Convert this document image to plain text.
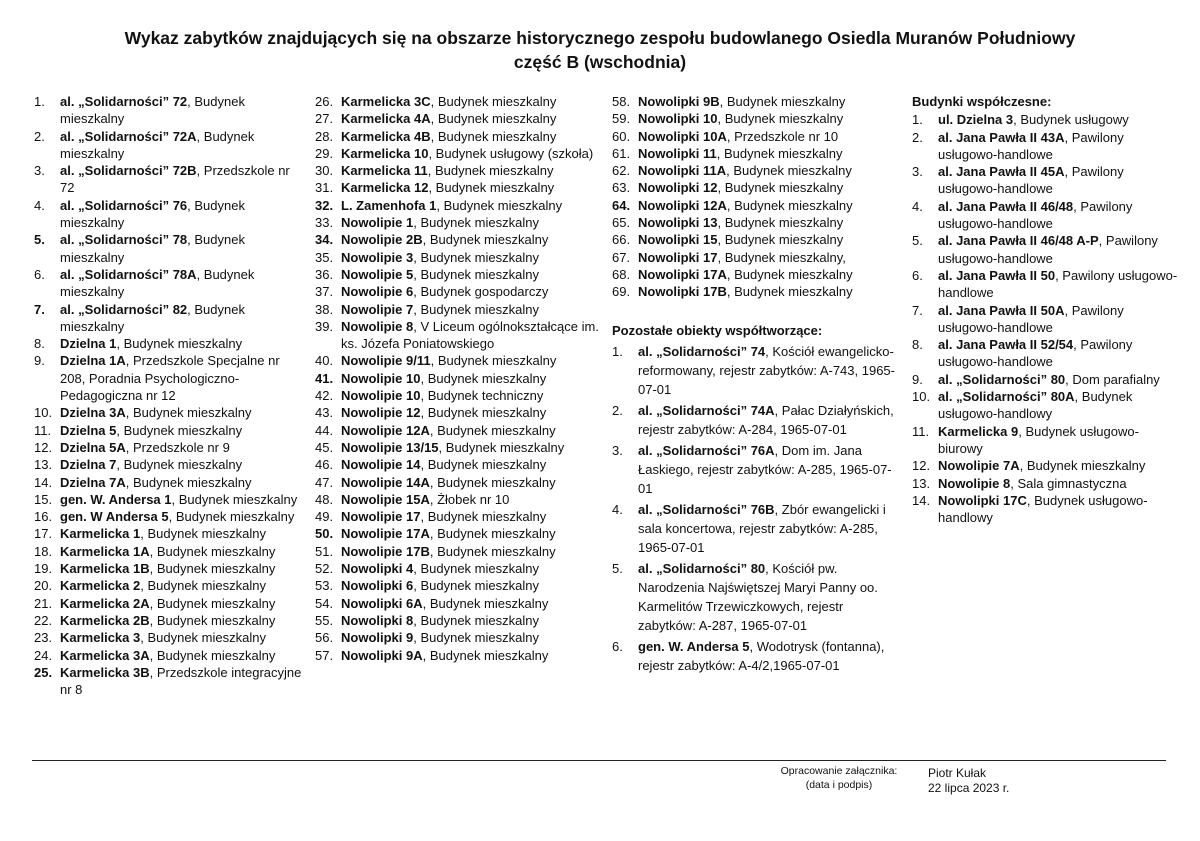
Wykaz zabytków znajdujących się na obszarze historycznego zespołu budowlanego Osiedla Muranów Południowy
część B (wschodnia)
1.	al. „Solidarności” 72, Budynek mieszkalny
2.	al. „Solidarności” 72A, Budynek mieszkalny
3.	al. „Solidarności” 72B, Przedszkole nr 72
4.	al. „Solidarności” 76, Budynek mieszkalny
5.	al. „Solidarności” 78, Budynek mieszkalny
6.	al. „Solidarności” 78A, Budynek mieszkalny
7.	al. „Solidarności” 82, Budynek mieszkalny
8.	Dzielna 1, Budynek mieszkalny
9.	Dzielna 1A, Przedszkole Specjalne nr 208, Poradnia Psychologiczno-Pedagogiczna nr 12
10. Dzielna 3A, Budynek mieszkalny
11. Dzielna 5, Budynek mieszkalny
12. Dzielna 5A, Przedszkole nr 9
13. Dzielna 7, Budynek mieszkalny
14. Dzielna 7A, Budynek mieszkalny
15. gen. W. Andersa 1, Budynek mieszkalny
16. gen. W Andersa 5, Budynek mieszkalny
17. Karmelicka 1, Budynek mieszkalny
18. Karmelicka 1A, Budynek mieszkalny
19. Karmelicka 1B, Budynek mieszkalny
20. Karmelicka 2, Budynek mieszkalny
21. Karmelicka 2A, Budynek mieszkalny
22. Karmelicka 2B, Budynek mieszkalny
23. Karmelicka 3, Budynek mieszkalny
24. Karmelicka 3A, Budynek mieszkalny
25. Karmelicka 3B, Przedszkole integracyjne nr 8
26. Karmelicka 3C, Budynek mieszkalny
27. Karmelicka 4A, Budynek mieszkalny
28. Karmelicka 4B, Budynek mieszkalny
29. Karmelicka 10, Budynek usługowy (szkoła)
30. Karmelicka 11, Budynek mieszkalny
31. Karmelicka 12, Budynek mieszkalny
32. L. Zamenhofa 1, Budynek mieszkalny
33. Nowolipie 1, Budynek mieszkalny
34. Nowolipie 2B, Budynek mieszkalny
35. Nowolipie 3, Budynek mieszkalny
36. Nowolipie 5, Budynek mieszkalny
37. Nowolipie 6, Budynek gospodarczy
38. Nowolipie 7, Budynek mieszkalny
39. Nowolipie 8, V Liceum ogólnokształcące im. ks. Józefa Poniatowskiego
40. Nowolipie 9/11, Budynek mieszkalny
41. Nowolipie 10, Budynek mieszkalny
42. Nowolipie 10, Budynek techniczny
43. Nowolipie 12, Budynek mieszkalny
44. Nowolipie 12A, Budynek mieszkalny
45. Nowolipie 13/15, Budynek mieszkalny
46. Nowolipie 14, Budynek mieszkalny
47. Nowolipie 14A, Budynek mieszkalny
48. Nowolipie 15A, Żłobek nr 10
49. Nowolipie 17, Budynek mieszkalny
50. Nowolipie 17A, Budynek mieszkalny
51. Nowolipie 17B, Budynek mieszkalny
52. Nowolipki 4, Budynek mieszkalny
53. Nowolipki 6, Budynek mieszkalny
54. Nowolipki 6A, Budynek mieszkalny
55. Nowolipki 8, Budynek mieszkalny
56. Nowolipki 9, Budynek mieszkalny
57. Nowolipki 9A, Budynek mieszkalny
58. Nowolipki 9B, Budynek mieszkalny
59. Nowolipki 10, Budynek mieszkalny
60. Nowolipki 10A, Przedszkole nr 10
61. Nowolipki 11, Budynek mieszkalny
62. Nowolipki 11A, Budynek mieszkalny
63. Nowolipki 12, Budynek mieszkalny
64. Nowolipki 12A, Budynek mieszkalny
65. Nowolipki 13, Budynek mieszkalny
66. Nowolipki 15, Budynek mieszkalny
67. Nowolipki 17, Budynek mieszkalny,
68. Nowolipki 17A, Budynek mieszkalny
69. Nowolipki 17B, Budynek mieszkalny
Pozostałe obiekty współtworzące:
1.	al. „Solidarności” 74, Kościół ewangelicko-reformowany, rejestr zabytków: A-743, 1965-07-01
2.	al. „Solidarności” 74A, Pałac Działyńskich, rejestr zabytków: A-284, 1965-07-01
3.	al. „Solidarności” 76A, Dom im. Jana Łaskiego, rejestr zabytków: A-285, 1965-07-01
4.	al. „Solidarności” 76B, Zbór ewangelicki i sala koncertowa, rejestr zabytków: A-285, 1965-07-01
5.	al. „Solidarności” 80, Kościół pw. Narodzenia Najświętszej Maryi Panny oo. Karmelitów Trzewiczkowych, rejestr zabytków: A-287, 1965-07-01
6.	gen. W. Andersa 5, Wodotrysk (fontanna), rejestr zabytków: A-4/2,1965-07-01
Budynki współczesne:
1.	ul. Dzielna 3, Budynek usługowy
2.	al. Jana Pawła II 43A, Pawilony usługowo-handlowe
3.	al. Jana Pawła II 45A, Pawilony usługowo-handlowe
4.	al. Jana Pawła II 46/48, Pawilony usługowo-handlowe
5.	al. Jana Pawła II 46/48 A-P, Pawilony usługowo-handlowe
6.	al. Jana Pawła II 50, Pawilony usługowo-handlowe
7.	al. Jana Pawła II 50A, Pawilony usługowo-handlowe
8.	al. Jana Pawła II 52/54, Pawilony usługowo-handlowe
9.	al. „Solidarności” 80, Dom parafialny
10. al. „Solidarności” 80A, Budynek usługowo-handlowy
11. Karmelicka 9, Budynek usługowo-biurowy
12. Nowolipie 7A, Budynek mieszkalny
13. Nowolipie 8, Sala gimnastyczna
14. Nowolipki 17C, Budynek usługowo-handlowy
Opracowanie załącznika:
(data i podpis)
Piotr Kułak
22 lipca 2023 r.
